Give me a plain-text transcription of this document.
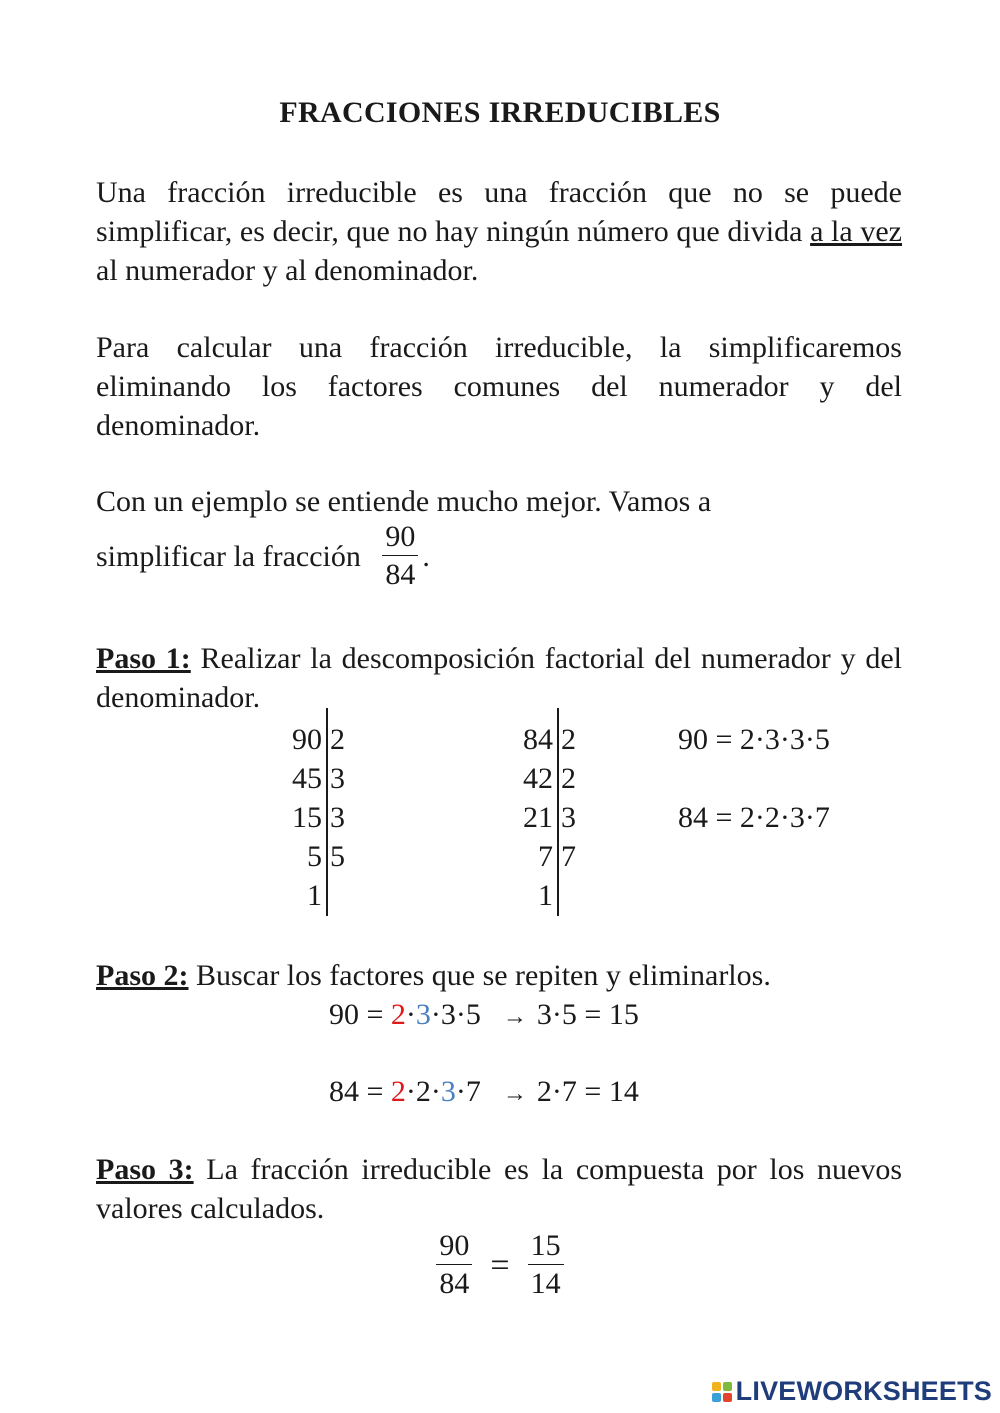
FRACCIONES IRREDUCIBLES
Una fracción irreducible es una fracción que no se puede simplificar, es decir, que no hay ningún número que divida a la vez al numerador y al denominador.
Para calcular una fracción irreducible, la simplificaremos eliminando los factores comunes del numerador y del denominador.
Con un ejemplo se entiende mucho mejor. Vamos a
simplificar la fracción $\frac{90}{84}$ .
Paso 1: Realizar la descomposición factorial del numerador y del denominador.
90 2
45 3
15 3
5 5
1
84 2
42 2
21 3
7 7
1
90 = 2·3·3·5
84 = 2·2·3·7
Paso 2: Buscar los factores que se repiten y eliminarlos.
90 = 2·3·3·5 → 3·5 = 15
84 = 2·2·3·7 → 2·7 = 14
Paso 3: La fracción irreducible es la compuesta por los nuevos valores calculados.
$\frac{90}{84} = \frac{15}{14}$
LIVEWORKSHEETS
